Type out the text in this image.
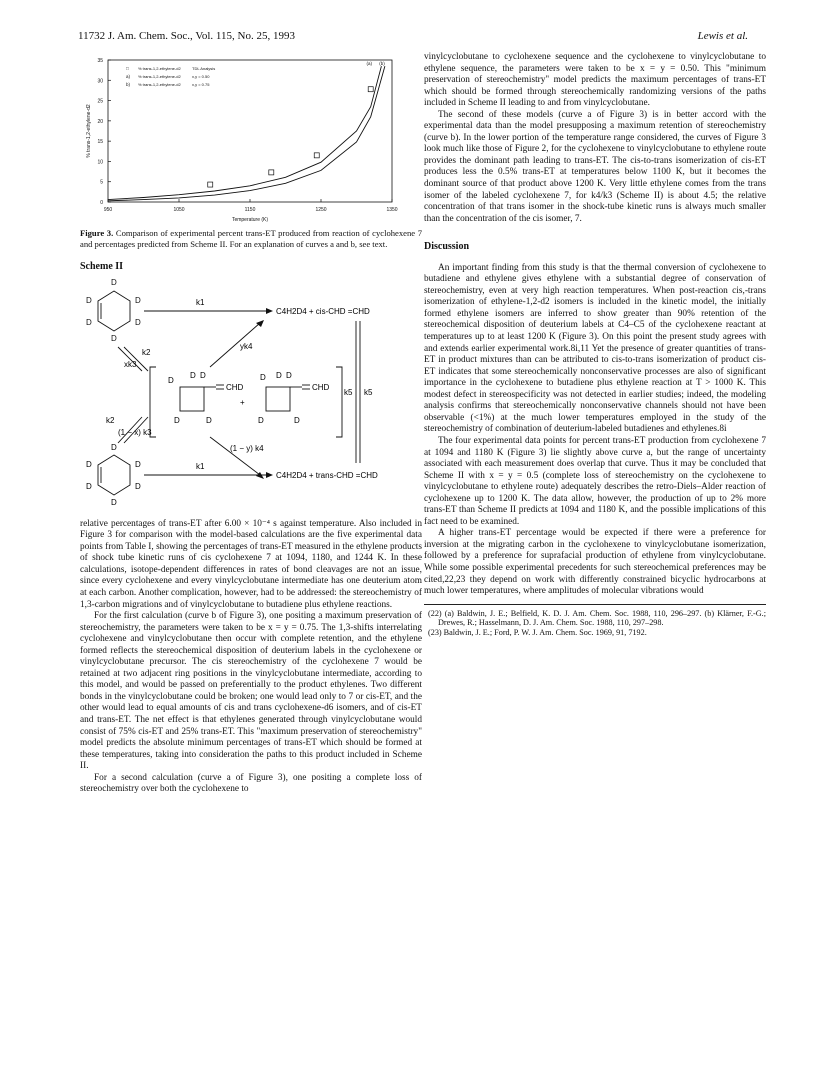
11732 J. Am. Chem. Soc., Vol. 115, No. 25, 1993	Lewis et al.
950	1050	1150	1250	1350
0
5
10
15
20
25
30
35
Temperature (K)
% trans-1,2-ethylene-d2
(a) (b)
□ % trans-1,2-ethylene-d2	TDL Analysis
a) % trans-1,2-ethylene-d2	x,y = 0.50
b) % trans-1,2-ethylene-d2	x,y = 0.75

Figure 3. Comparison of experimental percent trans-ET produced from reaction of cyclohexene 7 and percentages predicted from Scheme II. For an explanation of curves a and b, see text.

Scheme II
D
D	D
D	D
D
k1
C4H2D4 + cis-CHD =CHD
xk3
k2
CHD
D
D D
D	D
+
CHD
D D D
D	D
yk4
(1 − y) k4
k2
(1 − x) k3
k5 k5
D
D	D
D	D
D
k1
C4H2D4 + trans-CHD =CHD

relative percentages of trans-ET after 6.00 × 10⁻⁴ s against temperature. Also included in Figure 3 for comparison with the model-based calculations are the five experimental data points from Table I, showing the percentages of trans-ET measured in the ethylene products of shock tube kinetic runs of cis cyclohexene 7 at 1094, 1180, and 1244 K. In these calculations, isotope-dependent differences in rates of bond cleavages are not an issue, since every cyclohexene and every vinylcyclobutane intermediate has one deuterium atom at each carbon. Another complication, however, had to be addressed: the stereochemistry of 1,3-carbon migrations and of vinylcyclobutane to butadiene plus ethylene reactions.

For the first calculation (curve b of Figure 3), one positing a maximum preservation of stereochemistry, the parameters were taken to be x = y = 0.75. The 1,3-shifts interrelating cyclohexene and vinylcyclobutane then occur with complete retention, and the ethylene formed reflects the stereochemical disposition of deuterium labels in the cyclohexene or vinylcyclobutane precursor. The cis stereochemistry of the cyclohexene 7 would be retained at two adjacent ring positions in the vinylcyclobutane intermediate, according to this model, and would be passed on preferentially to the product ethylenes. Two different bonds in the vinylcyclobutane could be broken; one would lead only to 7 or cis-ET, and the other would lead to equal amounts of cis and trans cyclohexene-d6 isomers, and of cis-ET and trans-ET. The net effect is that ethylenes generated through vinylcyclobutane would consist of 75% cis-ET and 25% trans-ET. This "maximum preservation of stereochemistry" model predicts the absolute minimum percentages of trans-ET which should be formed at these temperatures, taking into consideration the paths to this product included in Scheme II.

For a second calculation (curve a of Figure 3), one positing a complete loss of stereochemistry over both the cyclohexene to

vinylcyclobutane to cyclohexene sequence and the cyclohexene to vinylcyclobutane to ethylene sequence, the parameters were taken to be x = y = 0.50. This "minimum preservation of stereochemistry" model predicts the maximum percentages of trans-ET which should be formed through stereochemically randomizing versions of the paths included in Scheme II leading to and from vinylcyclobutane.

The second of these models (curve a of Figure 3) is in better accord with the experimental data than the model presupposing a maximum retention of stereochemistry (curve b). In the lower portion of the temperature range considered, the curves of Figure 3 look much like those of Figure 2, for the cyclohexene to vinylcyclobutane to ethylene route provides the dominant path leading to trans-ET. The cis-to-trans isomerization of cis-ET produces less the 0.5% trans-ET at temperatures below 1100 K, but it becomes the dominant source of that product above 1200 K. Very little ethylene comes from the trans isomer of the labeled cyclohexene 7, for k4/k3 (Scheme II) is about 4.5; the relative concentration of that trans isomer in the shock-tube kinetic runs is always much smaller than the concentration of the cis isomer, 7.

Discussion

An important finding from this study is that the thermal conversion of cyclohexene to butadiene and ethylene gives ethylene with a substantial degree of conservation of stereochemistry, even at very high reaction temperatures. When post-reaction cis,-trans isomerization of ethylene-1,2-d2 isomers is included in the kinetic model, the initially formed ethylene isomers are inferred to show greater than 90% retention of the stereochemical disposition of deuterium labels at C4–C5 of the cyclohexene reactant at temperatures up to at least 1200 K (Figure 3). On this point the present study agrees with and extends earlier experimental work.8i,11 Yet the presence of greater quantities of trans-ET in product mixtures than can be attributed to cis-to-trans isomerization of product cis-ET indicates that some stereochemically nonconservative processes are also of significant importance in the cyclohexene to butadiene plus ethylene reaction at T > 1000 K. This modest defect in stereospecificity was not detected in earlier studies; indeed, the modeling analysis confirms that stereochemically nonconservative channels should not have been observable (<1%) at the much lower temperatures employed in the study of the stereochemistry of combination of deuterium-labeled butadienes and ethylenes.8i

The four experimental data points for percent trans-ET production from cyclohexene 7 at 1094 and 1180 K (Figure 3) lie slightly above curve a, but the range of uncertainty associated with each measurement does overlap that curve. Thus it may be concluded that Scheme II with x = y = 0.5 (complete loss of stereochemistry on the cyclohexene to vinylcyclobutane to ethylene route) adequately describes the retro-Diels–Alder reaction of cyclohexene up to 1200 K. The data allow, however, the production of up to 2% more trans-ET than Scheme II predicts at 1094 and 1180 K, and the possible implications of this fact need to be examined.

A higher trans-ET percentage would be expected if there were a preference for inversion at the migrating carbon in the cyclohexene to vinylcyclobutane isomerization, followed by a preference for suprafacial production of ethylene from vinylcyclobutane. While some possible experimental precedents for such stereochemical preferences may be cited,22,23 they depend on work with differently constrained bicyclic hydrocarbons at much lower temperatures, where amplitudes of molecular vibrations would

(22) (a) Baldwin, J. E.; Belfield, K. D. J. Am. Chem. Soc. 1988, 110, 296–297. (b) Klärner, F.-G.; Drewes, R.; Hasselmann, D. J. Am. Chem. Soc. 1988, 110, 297–298.

(23) Baldwin, J. E.; Ford, P. W. J. Am. Chem. Soc. 1969, 91, 7192.
